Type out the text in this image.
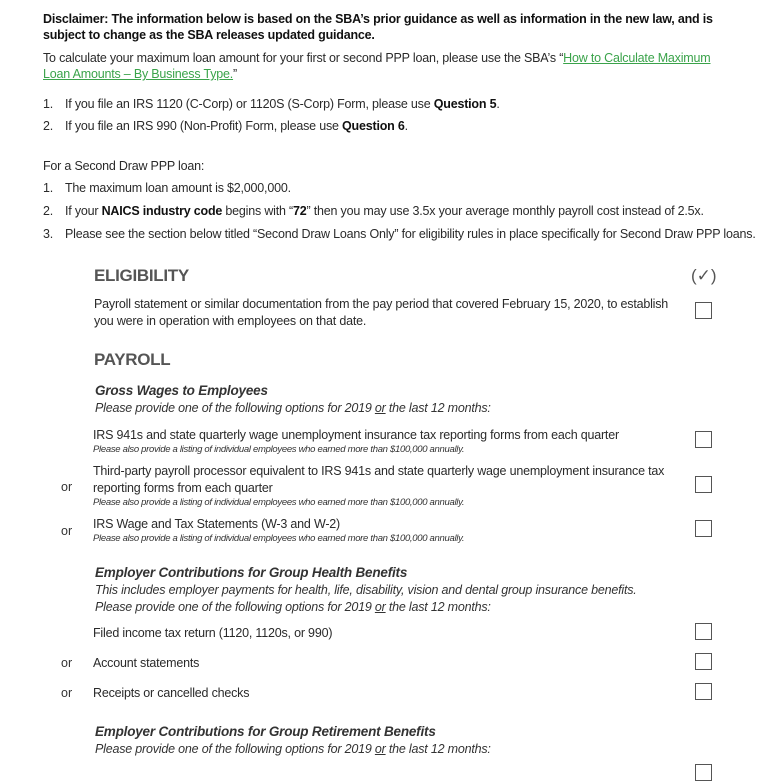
Disclaimer: The information below is based on the SBA’s prior guidance as well as information in the new law, and is subject to change as the SBA releases updated guidance.
To calculate your maximum loan amount for your first or second PPP loan, please use the SBA’s “How to Calculate Maximum Loan Amounts – By Business Type.”
1. If you file an IRS 1120 (C-Corp) or 1120S (S-Corp) Form, please use Question 5.
2. If you file an IRS 990 (Non-Profit) Form, please use Question 6.
For a Second Draw PPP loan:
1. The maximum loan amount is $2,000,000.
2. If your NAICS industry code begins with “72” then you may use 3.5x your average monthly payroll cost instead of 2.5x.
3. Please see the section below titled “Second Draw Loans Only” for eligibility rules in place specifically for Second Draw PPP loans.
ELIGIBILITY	(✓)
Payroll statement or similar documentation from the pay period that covered February 15, 2020, to establish you were in operation with employees on that date.
PAYROLL
Gross Wages to Employees
Please provide one of the following options for 2019 or the last 12 months:
IRS 941s and state quarterly wage unemployment insurance tax reporting forms from each quarter
Please also provide a listing of individual employees who earned more than $100,000 annually.
or
Third-party payroll processor equivalent to IRS 941s and state quarterly wage unemployment insurance tax
reporting forms from each quarter
Please also provide a listing of individual employees who earned more than $100,000 annually.
or IRS Wage and Tax Statements (W-3 and W-2)
Please also provide a listing of individual employees who earned more than $100,000 annually.
Employer Contributions for Group Health Benefits
This includes employer payments for health, life, disability, vision and dental group insurance benefits.
Please provide one of the following options for 2019 or the last 12 months:
Filed income tax return (1120, 1120s, or 990)
or Account statements
or Receipts or cancelled checks
Employer Contributions for Group Retirement Benefits
Please provide one of the following options for 2019 or the last 12 months:
